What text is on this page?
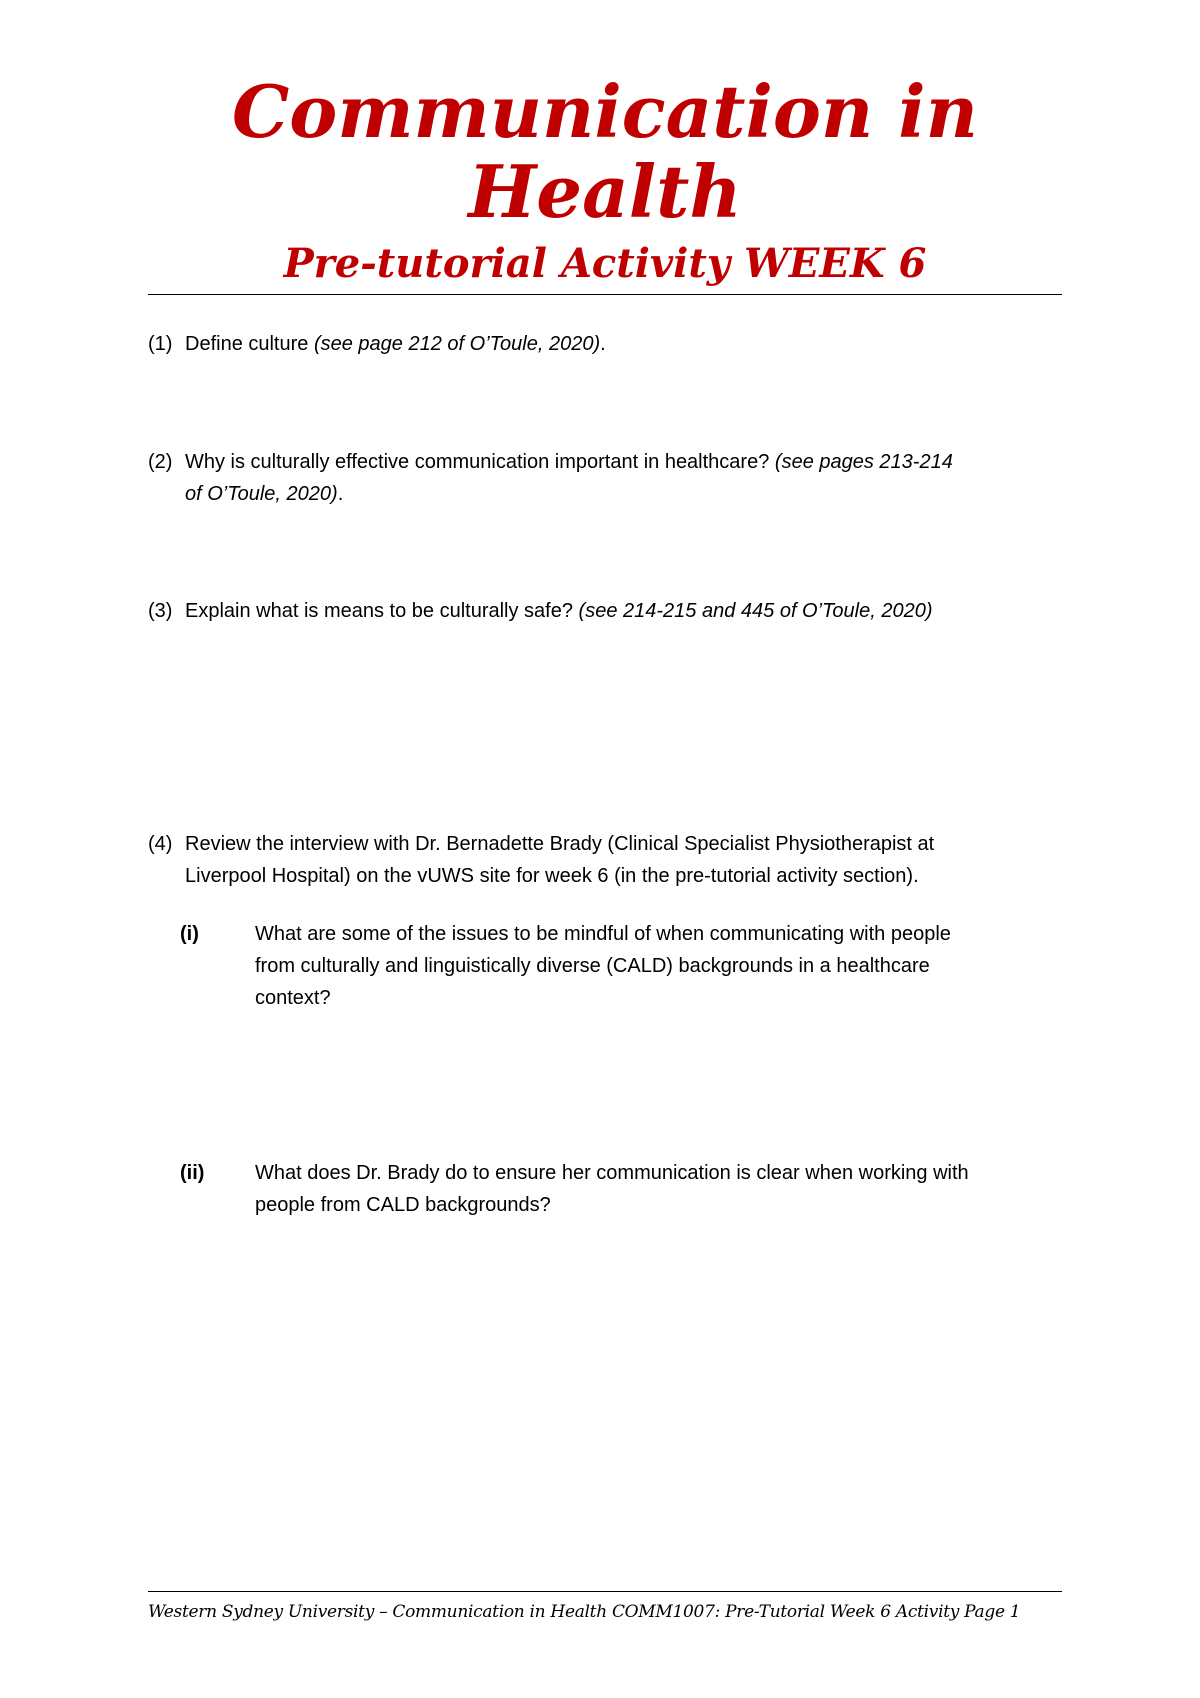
Communication in
Health
Pre-tutorial Activity WEEK 6
(1) Define culture (see page 212 of O’Toule, 2020).
(2) Why is culturally effective communication important in healthcare? (see pages 213-214
of O’Toule, 2020).
(3) Explain what is means to be culturally safe? (see 214-215 and 445 of O’Toule, 2020)
(4) Review the interview with Dr. Bernadette Brady (Clinical Specialist Physiotherapist at
Liverpool Hospital) on the vUWS site for week 6 (in the pre-tutorial activity section).
(i)	What are some of the issues to be mindful of when communicating with people
from culturally and linguistically diverse (CALD) backgrounds in a healthcare
context?
(ii)	What does Dr. Brady do to ensure her communication is clear when working with
people from CALD backgrounds?
Western Sydney University – Communication in Health COMM1007: Pre-Tutorial Week 6 Activity Page 1
